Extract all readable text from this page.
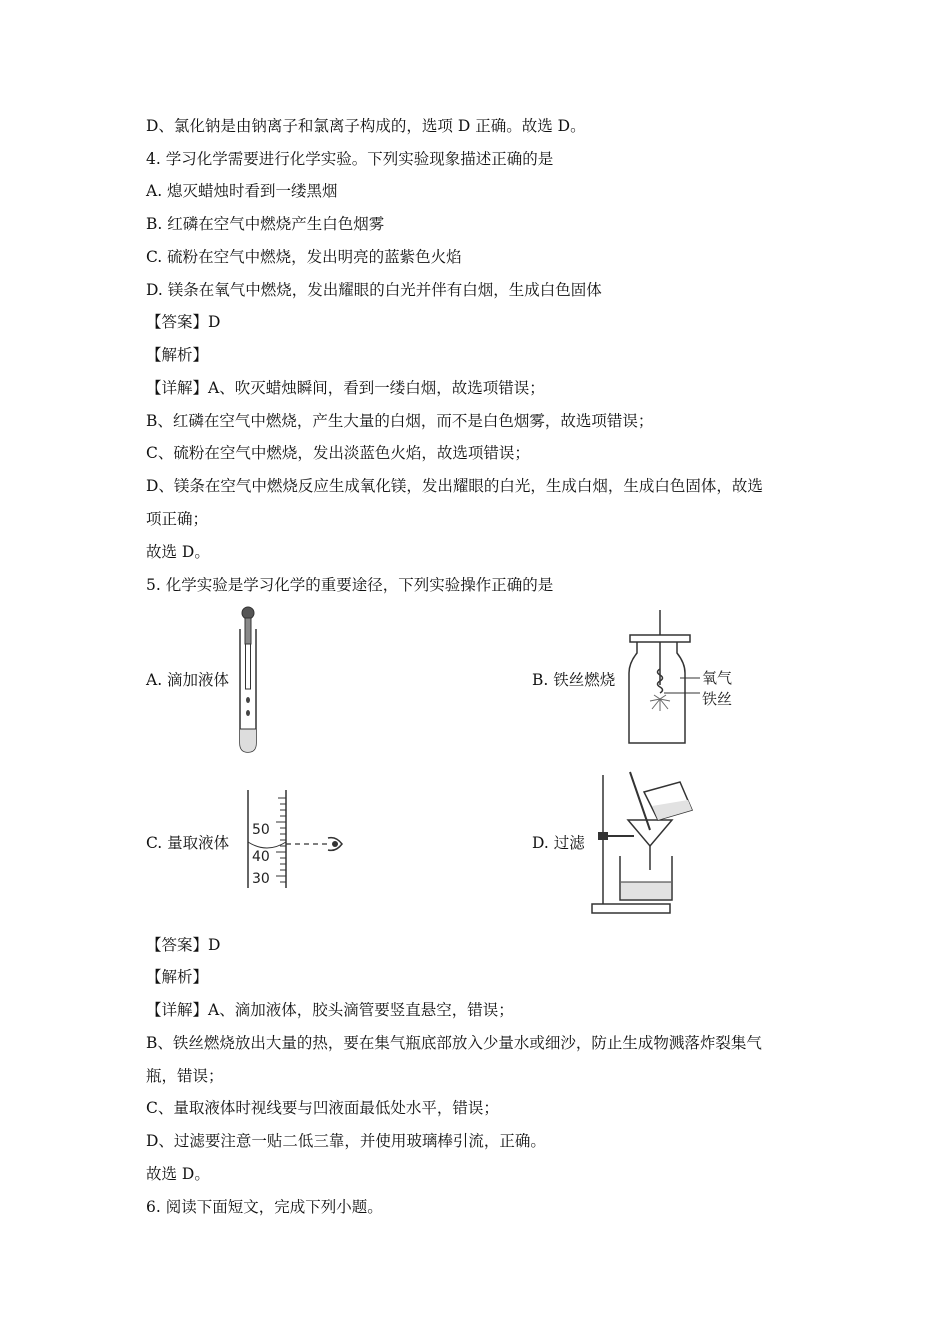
D、氯化钠是由钠离子和氯离子构成的，选项 D 正确。故选 D。
4. 学习化学需要进行化学实验。下列实验现象描述正确的是
A. 熄灭蜡烛时看到一缕黑烟
B. 红磷在空气中燃烧产生白色烟雾
C. 硫粉在空气中燃烧，发出明亮的蓝紫色火焰
D. 镁条在氧气中燃烧，发出耀眼的白光并伴有白烟，生成白色固体
【答案】D
【解析】
【详解】A、吹灭蜡烛瞬间，看到一缕白烟，故选项错误；
B、红磷在空气中燃烧，产生大量的白烟，而不是白色烟雾，故选项错误；
C、硫粉在空气中燃烧，发出淡蓝色火焰，故选项错误；
D、镁条在空气中燃烧反应生成氧化镁，发出耀眼的白光，生成白烟，生成白色固体，故选
项正确；
故选 D。
5. 化学实验是学习化学的重要途径，下列实验操作正确的是
A. 滴加液体	B. 铁丝燃烧	氧气
铁丝
C. 量取液体
50
40
30
D. 过滤
【答案】D
【解析】
【详解】A、滴加液体，胶头滴管要竖直悬空，错误；
B、铁丝燃烧放出大量的热，要在集气瓶底部放入少量水或细沙，防止生成物溅落炸裂集气
瓶，错误；
C、量取液体时视线要与凹液面最低处水平，错误；
D、过滤要注意一贴二低三靠，并使用玻璃棒引流，正确。
故选 D。
6. 阅读下面短文，完成下列小题。
